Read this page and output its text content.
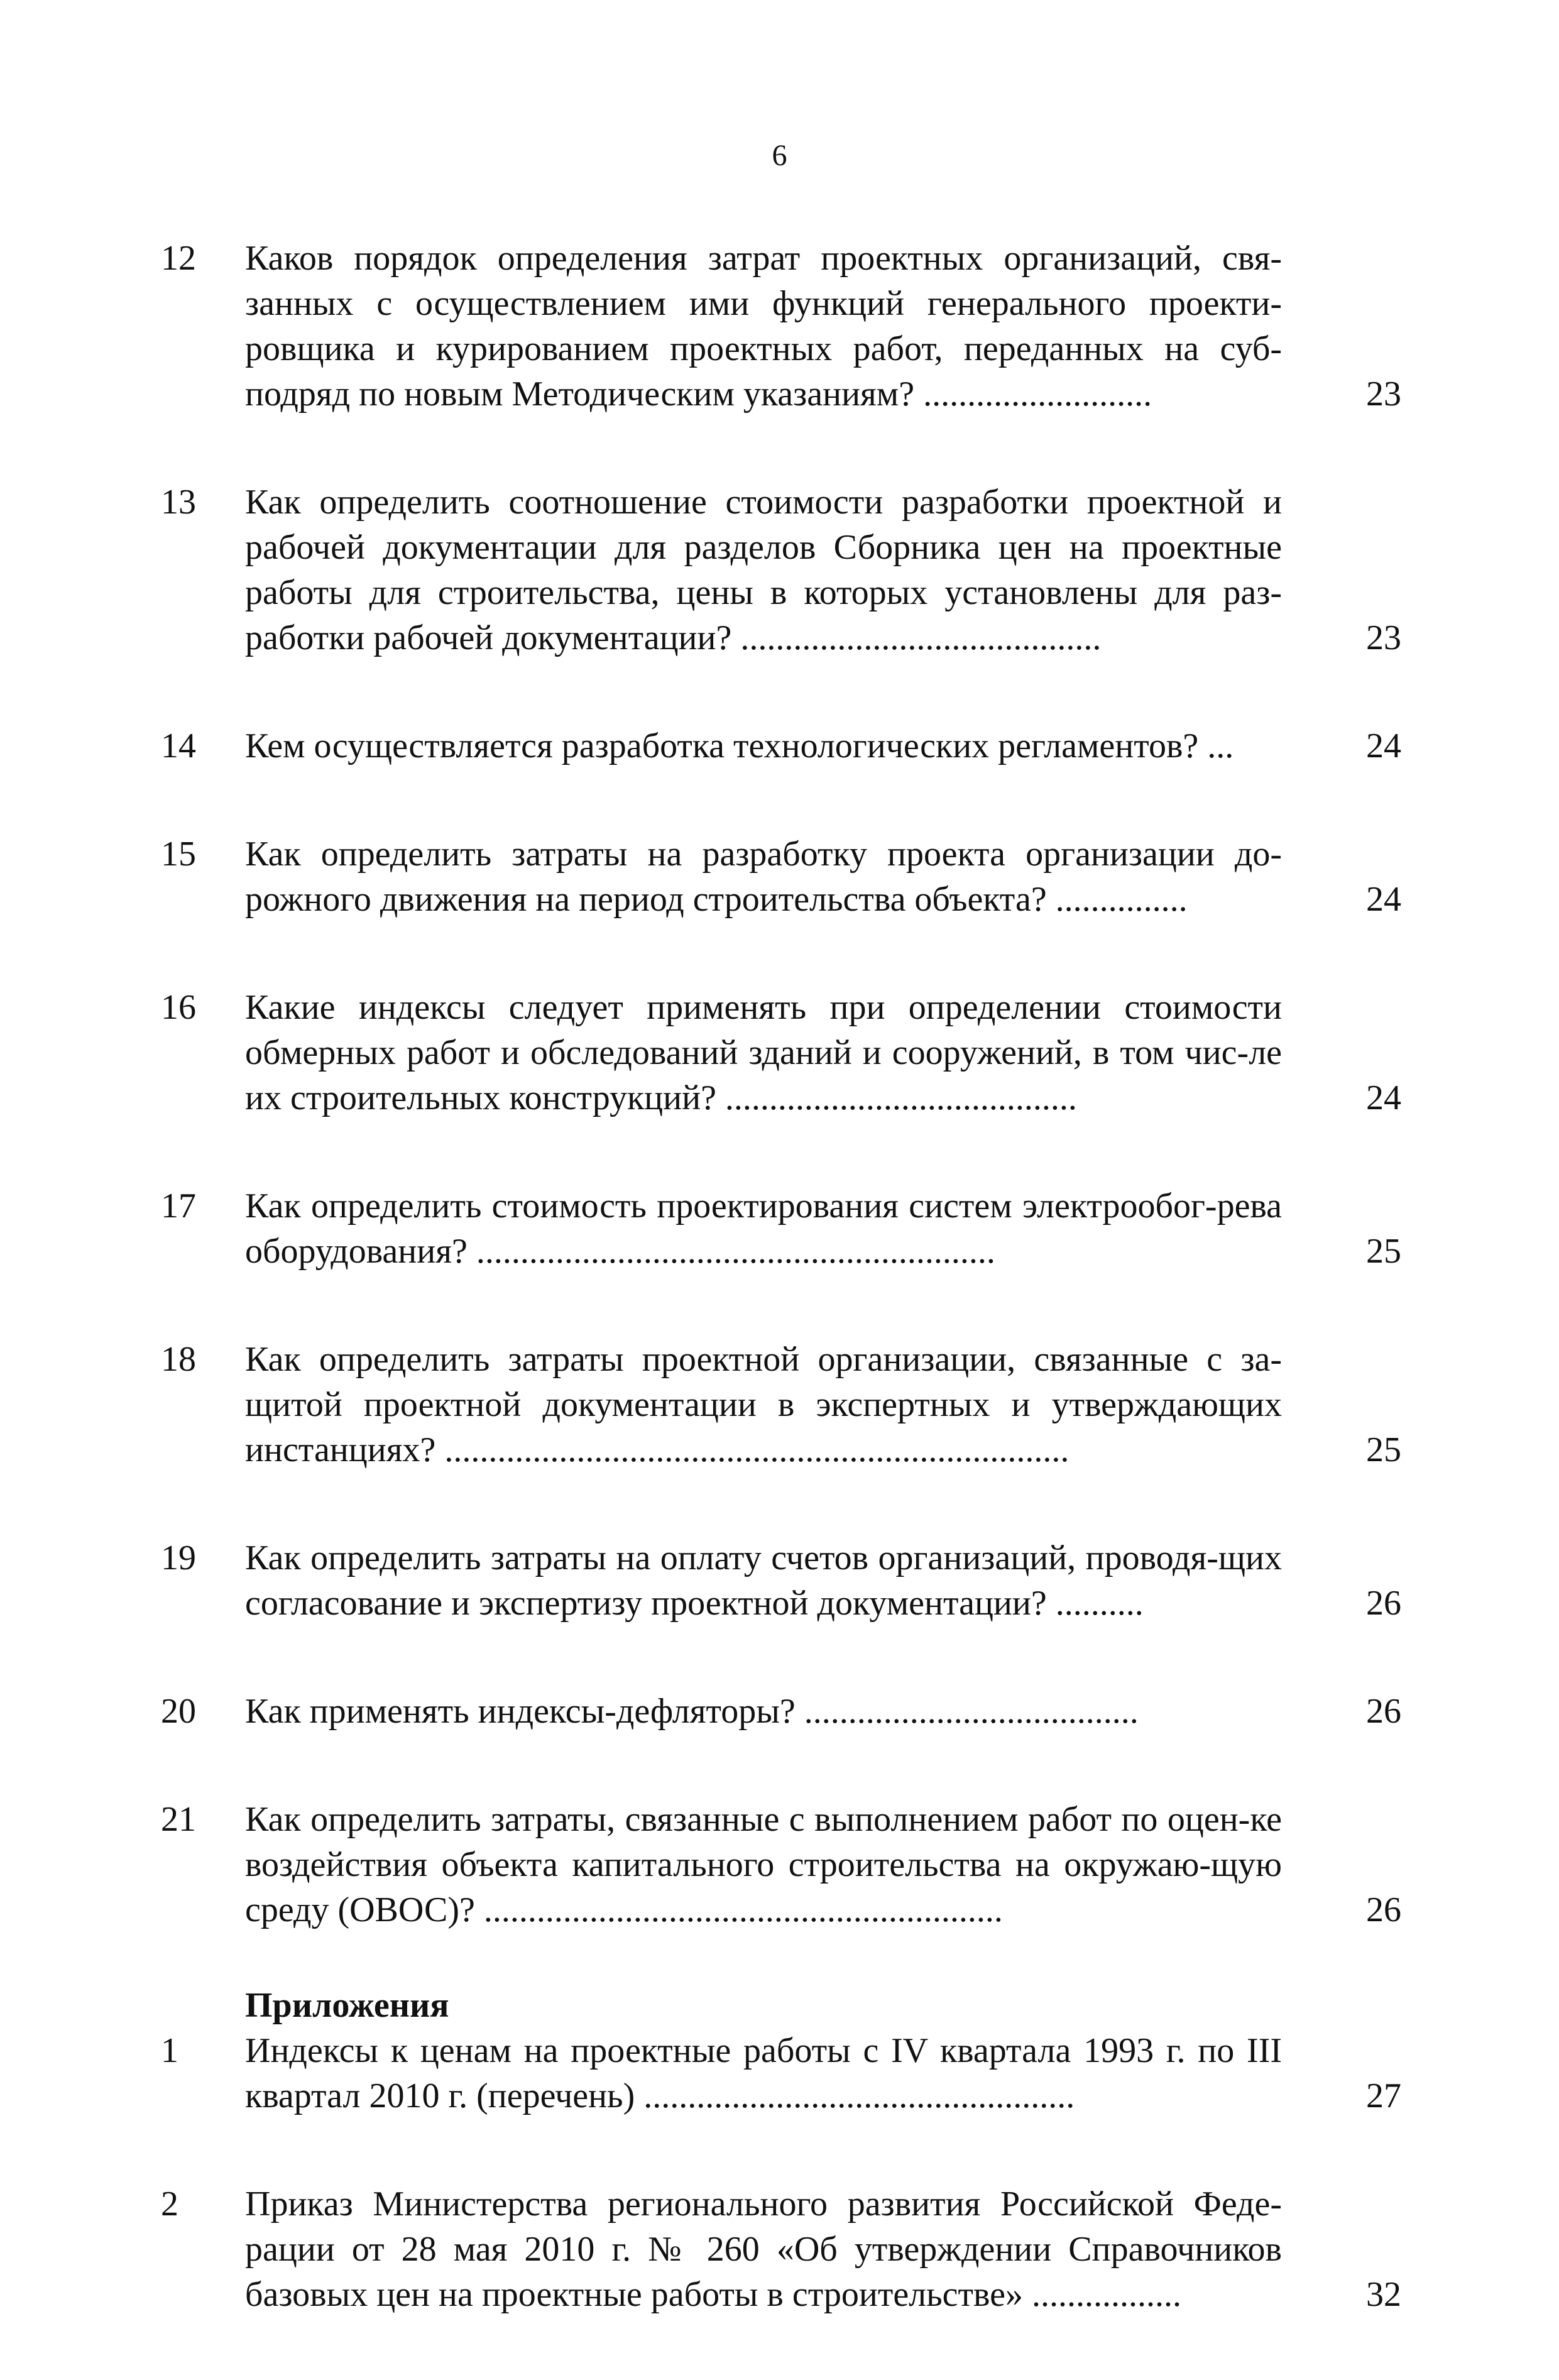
6
12	Каков порядок определения затрат проектных организаций, свя-занных с осуществлением ими функций генерального проекти-ровщика и курированием проектных работ, переданных на суб-подряд по новым Методическим указаниям? ..........................	23
13	Как определить соотношение стоимости разработки проектной и рабочей документации для разделов Сборника цен на проектные работы для строительства, цены в которых установлены для раз-работки рабочей документации? .........................................	23
14	Кем осуществляется разработка технологических регламентов? ...	24
15	Как определить затраты на разработку проекта организации до-рожного движения на период строительства объекта? ...............	24
16	Какие индексы следует применять при определении стоимости обмерных работ и обследований зданий и сооружений, в том чис-ле их строительных конструкций? ........................................	24
17	Как определить стоимость проектирования систем электрообог-рева оборудования? ...........................................................	25
18	Как определить затраты проектной организации, связанные с за-щитой проектной документации в экспертных и утверждающих инстанциях? .......................................................................	25
19	Как определить затраты на оплату счетов организаций, проводя-щих согласование и экспертизу проектной документации? ..........	26
20	Как применять индексы-дефляторы? ......................................	26
21	Как определить затраты, связанные с выполнением работ по оцен-ке воздействия объекта капитального строительства на окружаю-щую среду (ОВОС)? ...........................................................	26
Приложения
1	Индексы к ценам на проектные работы с IV квартала 1993 г. по III квартал 2010 г. (перечень) .................................................	27
2	Приказ Министерства регионального развития Российской Феде-рации от 28 мая 2010 г. № 260 «Об утверждении Справочников базовых цен на проектные работы в строительстве» .................	32
